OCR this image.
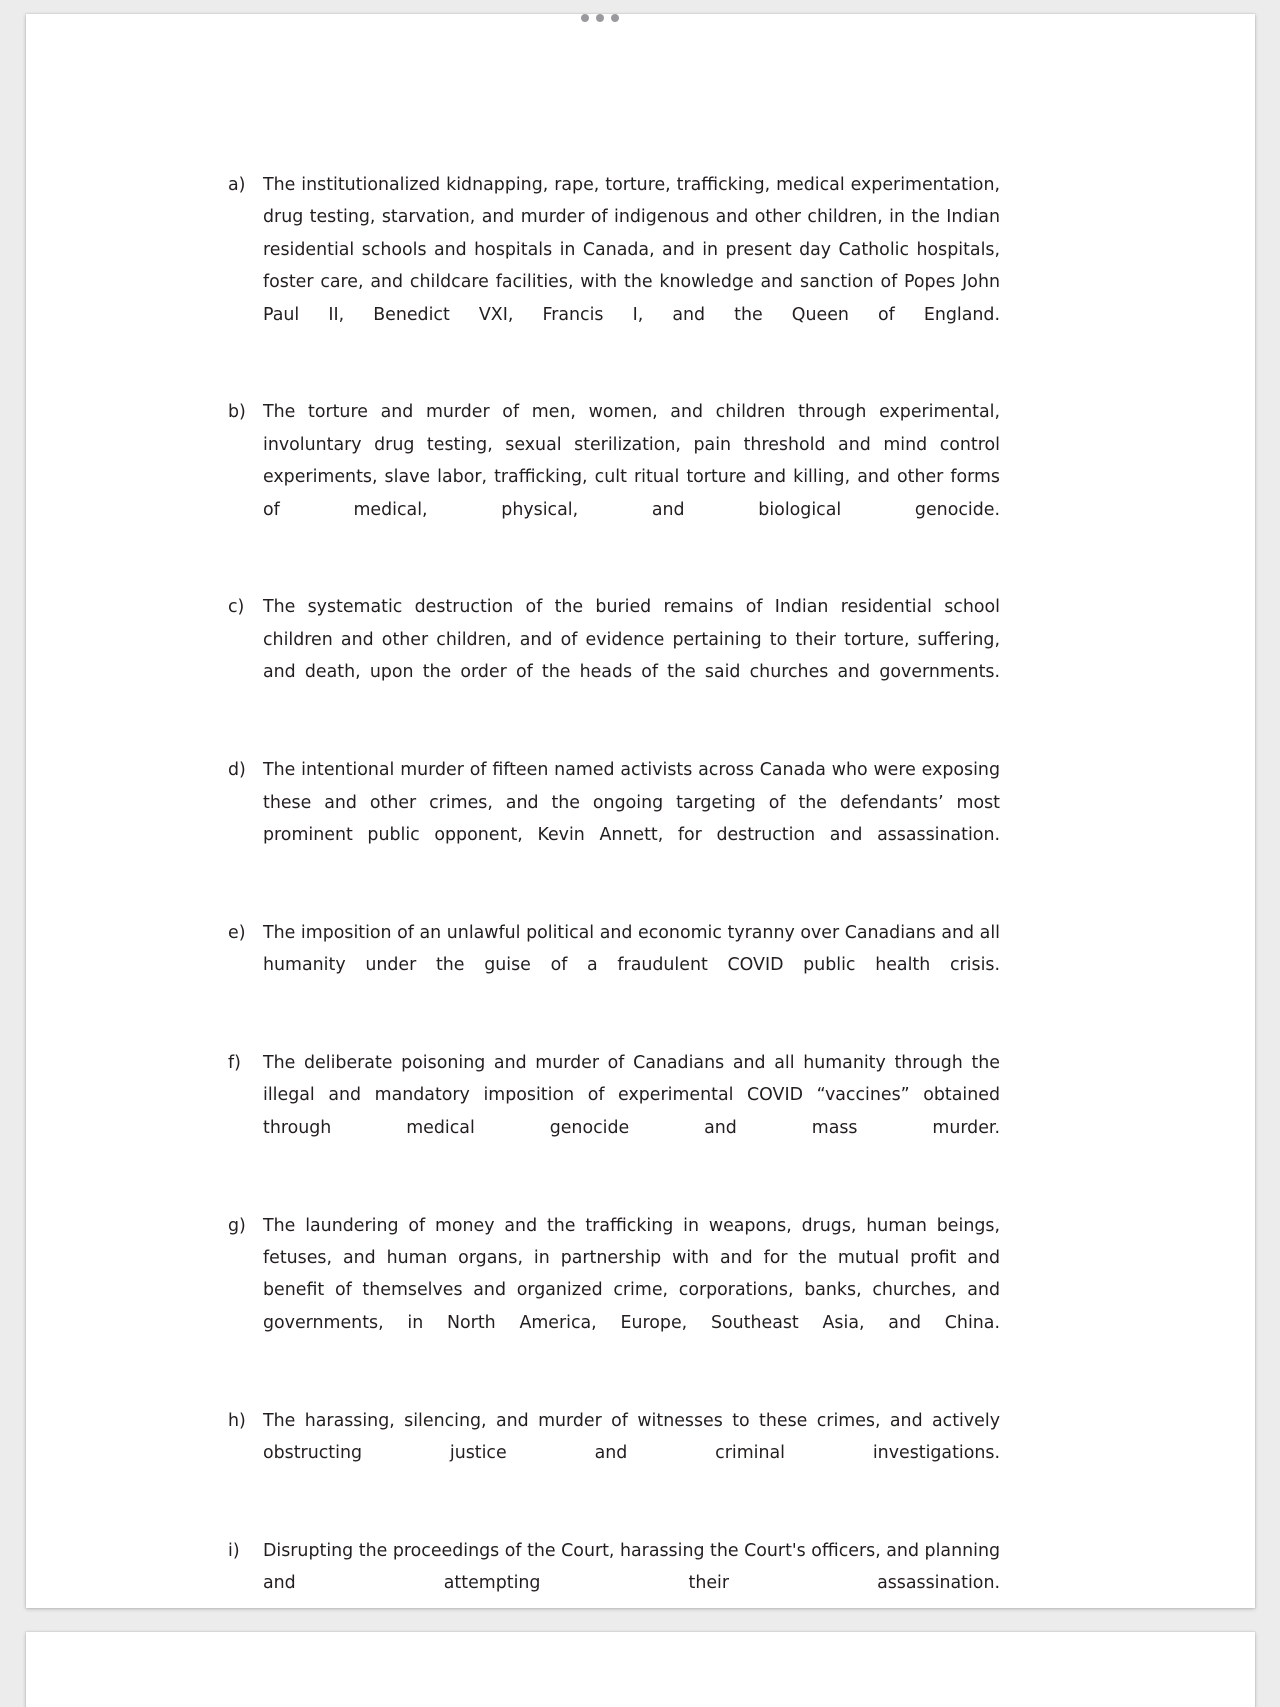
a)	The institutionalized kidnapping, rape, torture, trafficking, medical experimentation, drug testing, starvation, and murder of indigenous and other children, in the Indian residential schools and hospitals in Canada, and in present day Catholic hospitals, foster care, and childcare facilities, with the knowledge and sanction of Popes John Paul II, Benedict VXI, Francis I, and the Queen of England.
b) The torture and murder of men, women, and children through experimental, involuntary drug testing, sexual sterilization, pain threshold and mind control experiments, slave labor, trafficking, cult ritual torture and killing, and other forms of medical, physical, and biological genocide.
c)	The systematic destruction of the buried remains of Indian residential school children and other children, and of evidence pertaining to their torture, suffering, and death, upon the order of the heads of the said churches and governments.
d) The intentional murder of fifteen named activists across Canada who were exposing these and other crimes, and the ongoing targeting of the defendants’ most prominent public opponent, Kevin Annett, for destruction and assassination.
e)	The imposition of an unlawful political and economic tyranny over Canadians and all humanity under the guise of a fraudulent COVID public health crisis.
f)	The deliberate poisoning and murder of Canadians and all humanity through the illegal and mandatory imposition of experimental COVID “vaccines” obtained through medical genocide and mass murder.
g) The laundering of money and the trafficking in weapons, drugs, human beings, fetuses, and human organs, in partnership with and for the mutual profit and benefit of themselves and organized crime, corporations, banks, churches, and governments, in North America, Europe, Southeast Asia, and China.
h) The harassing, silencing, and murder of witnesses to these crimes, and actively obstructing justice and criminal investigations.
i)	Disrupting the proceedings of the Court, harassing the Court's officers, and planning and attempting their assassination.
